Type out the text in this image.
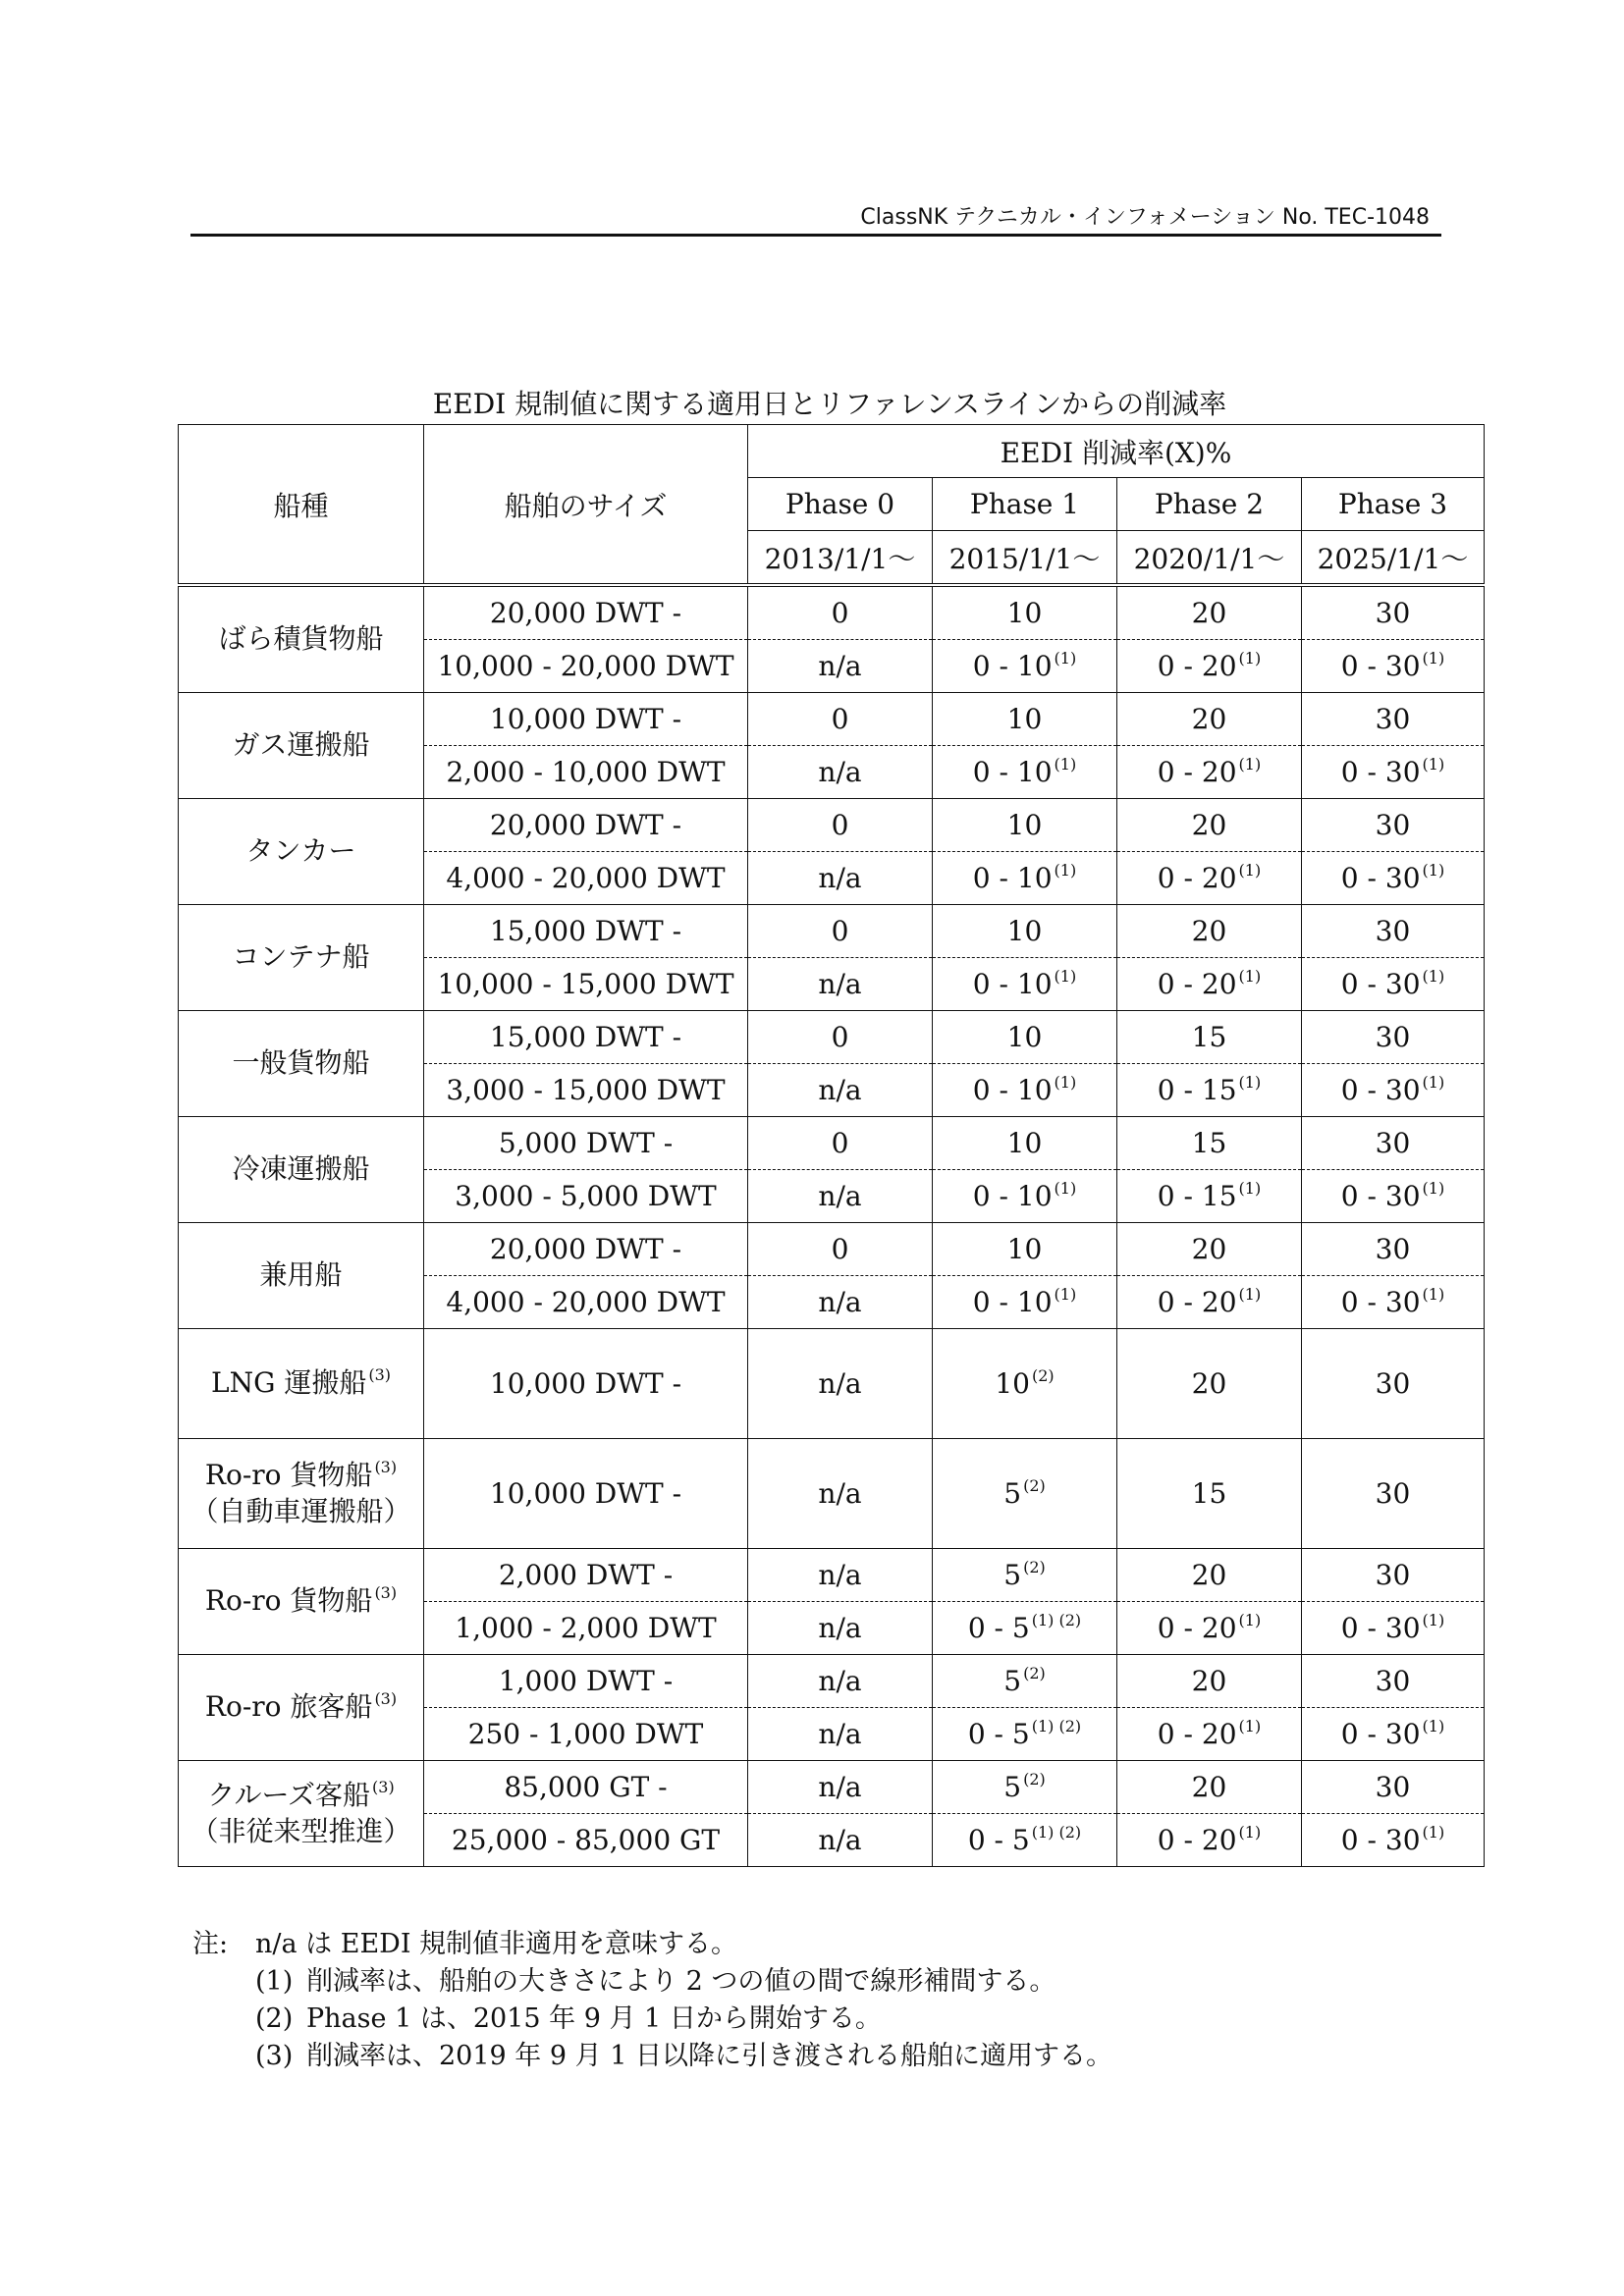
ClassNK テクニカル・インフォメーション No. TEC-1048
EEDI 規制値に関する適用日とリファレンスラインからの削減率
船種	船舶のサイズ	EEDI 削減率(X)%			
		Phase 0	Phase 1	Phase 2	Phase 3
		2013/1/1～	2015/1/1～	2020/1/1～	2025/1/1～

ばら積貨物船	20,000 DWT -	0	10	20	30
	10,000 - 20,000 DWT	n/a	0 - 10 $^{(1)}$	0 - 20 $^{(1)}$	0 - 30 $^{(1)}$

ガス運搬船	10,000 DWT -	0	10	20	30
	2,000 - 10,000 DWT	n/a	0 - 10 $^{(1)}$	0 - 20 $^{(1)}$	0 - 30 $^{(1)}$

タンカー	20,000 DWT -	0	10	20	30
	4,000 - 20,000 DWT	n/a	0 - 10 $^{(1)}$	0 - 20 $^{(1)}$	0 - 30 $^{(1)}$

コンテナ船	15,000 DWT -	0	10	20	30
	10,000 - 15,000 DWT	n/a	0 - 10 $^{(1)}$	0 - 20 $^{(1)}$	0 - 30 $^{(1)}$

一般貨物船	15,000 DWT -	0	10	15	30
	3,000 - 15,000 DWT	n/a	0 - 10 $^{(1)}$	0 - 15 $^{(1)}$	0 - 30 $^{(1)}$

冷凍運搬船	5,000 DWT -	0	10	15	30
	3,000 - 5,000 DWT	n/a	0 - 10 $^{(1)}$	0 - 15 $^{(1)}$	0 - 30 $^{(1)}$

兼用船	20,000 DWT -	0	10	20	30
	4,000 - 20,000 DWT	n/a	0 - 10 $^{(1)}$	0 - 20 $^{(1)}$	0 - 30 $^{(1)}$

LNG 運搬船 $^{(3)}$	10,000 DWT -	n/a	10 $^{(2)}$	20	30

Ro-ro 貨物船 $^{(3)}$
（自動車運搬船）	10,000 DWT -	n/a	5 $^{(2)}$	15	30

Ro-ro 貨物船 $^{(3)}$	2,000 DWT -	n/a	5 $^{(2)}$	20	30
	1,000 - 2,000 DWT	n/a	0 - 5 $^{(1) (2)}$	0 - 20 $^{(1)}$	0 - 30 $^{(1)}$

Ro-ro 旅客船 $^{(3)}$	1,000 DWT -	n/a	5 $^{(2)}$	20	30
	250 - 1,000 DWT	n/a	0 - 5 $^{(1) (2)}$	0 - 20 $^{(1)}$	0 - 30 $^{(1)}$

クルーズ客船 $^{(3)}$
（非従来型推進）	85,000 GT -	n/a	5 $^{(2)}$	20	30
	25,000 - 85,000 GT	n/a	0 - 5 $^{(1) (2)}$	0 - 20 $^{(1)}$	0 - 30 $^{(1)}$
注: n/a は EEDI 規制値非適用を意味する。
(1) 削減率は、船舶の大きさにより 2 つの値の間で線形補間する。
(2) Phase 1 は、2015 年 9 月 1 日から開始する。
(3) 削減率は、2019 年 9 月 1 日以降に引き渡される船舶に適用する。
